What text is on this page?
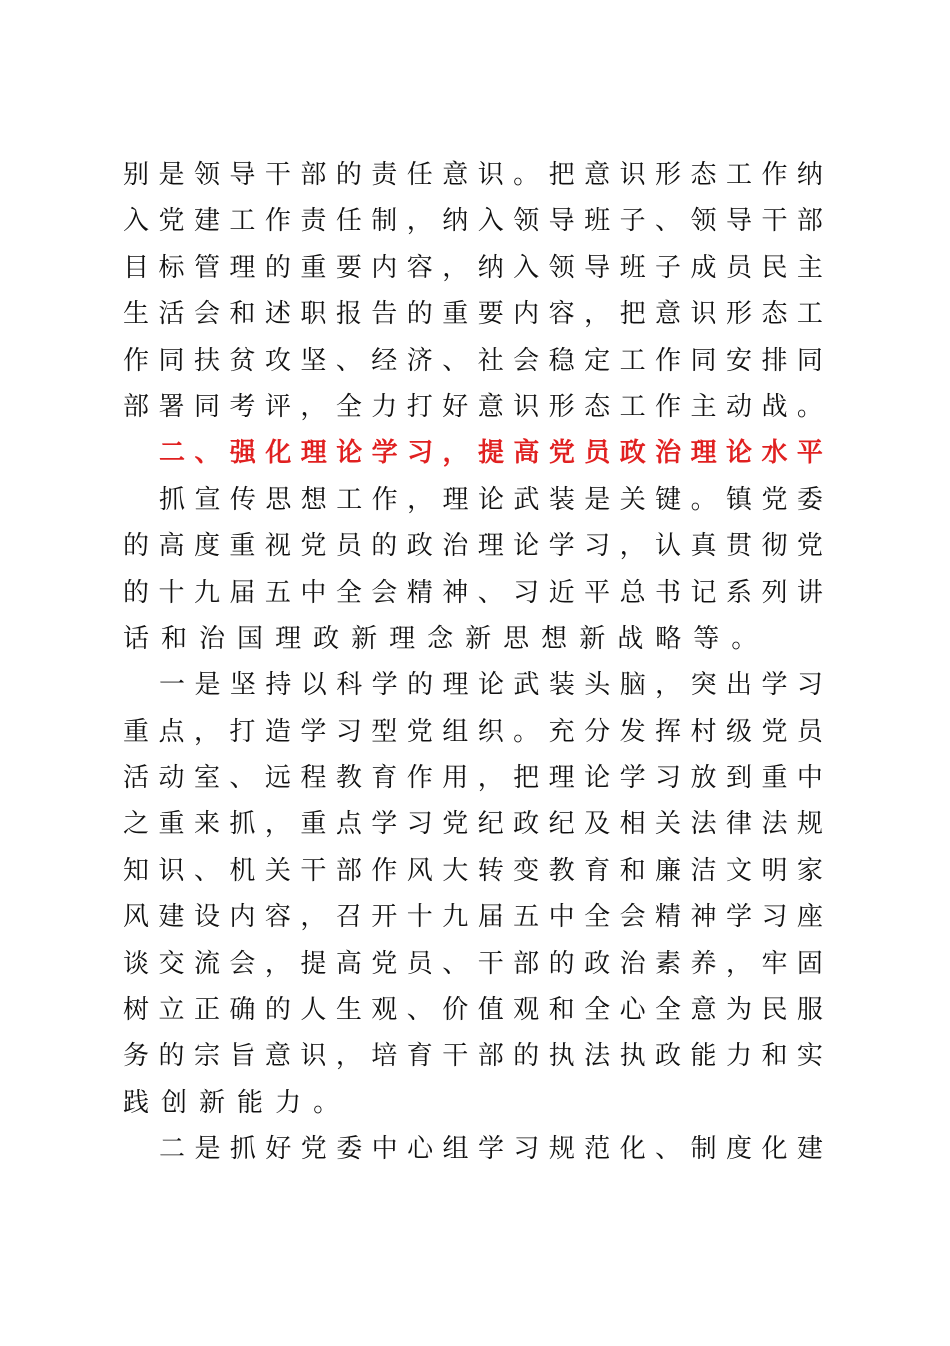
别 是 领 导 干 部 的 责 任 意 识 。 把 意 识 形 态 工 作 纳
入 党 建 工 作 责 任 制 ， 纳 入 领 导 班 子 、 领 导 干 部
目 标 管 理 的 重 要 内 容 ， 纳 入 领 导 班 子 成 员 民 主
生 活 会 和 述 职 报 告 的 重 要 内 容 ， 把 意 识 形 态 工
作 同 扶 贫 攻 坚 、 经 济 、 社 会 稳 定 工 作 同 安 排 同
部 署 同 考 评 ， 全 力 打 好 意 识 形 态 工 作 主 动 战 。
二 、 强 化 理 论 学 习 ， 提 高 党 员 政 治 理 论 水 平
抓 宣 传 思 想 工 作 ， 理 论 武 装 是 关 键 。 镇 党 委
的 高 度 重 视 党 员 的 政 治 理 论 学 习 ， 认 真 贯 彻 党
的 十 九 届 五 中 全 会 精 神 、 习 近 平 总 书 记 系 列 讲
话 和 治 国 理 政 新 理 念 新 思 想 新 战 略 等 。
一 是 坚 持 以 科 学 的 理 论 武 装 头 脑 ， 突 出 学 习
重 点 ， 打 造 学 习 型 党 组 织 。 充 分 发 挥 村 级 党 员
活 动 室 、 远 程 教 育 作 用 ， 把 理 论 学 习 放 到 重 中
之 重 来 抓 ， 重 点 学 习 党 纪 政 纪 及 相 关 法 律 法 规
知 识 、 机 关 干 部 作 风 大 转 变 教 育 和 廉 洁 文 明 家
风 建 设 内 容 ， 召 开 十 九 届 五 中 全 会 精 神 学 习 座
谈 交 流 会 ， 提 高 党 员 、 干 部 的 政 治 素 养 ， 牢 固
树 立 正 确 的 人 生 观 、 价 值 观 和 全 心 全 意 为 民 服
务 的 宗 旨 意 识 ， 培 育 干 部 的 执 法 执 政 能 力 和 实
践 创 新 能 力 。
二 是 抓 好 党 委 中 心 组 学 习 规 范 化 、 制 度 化 建
